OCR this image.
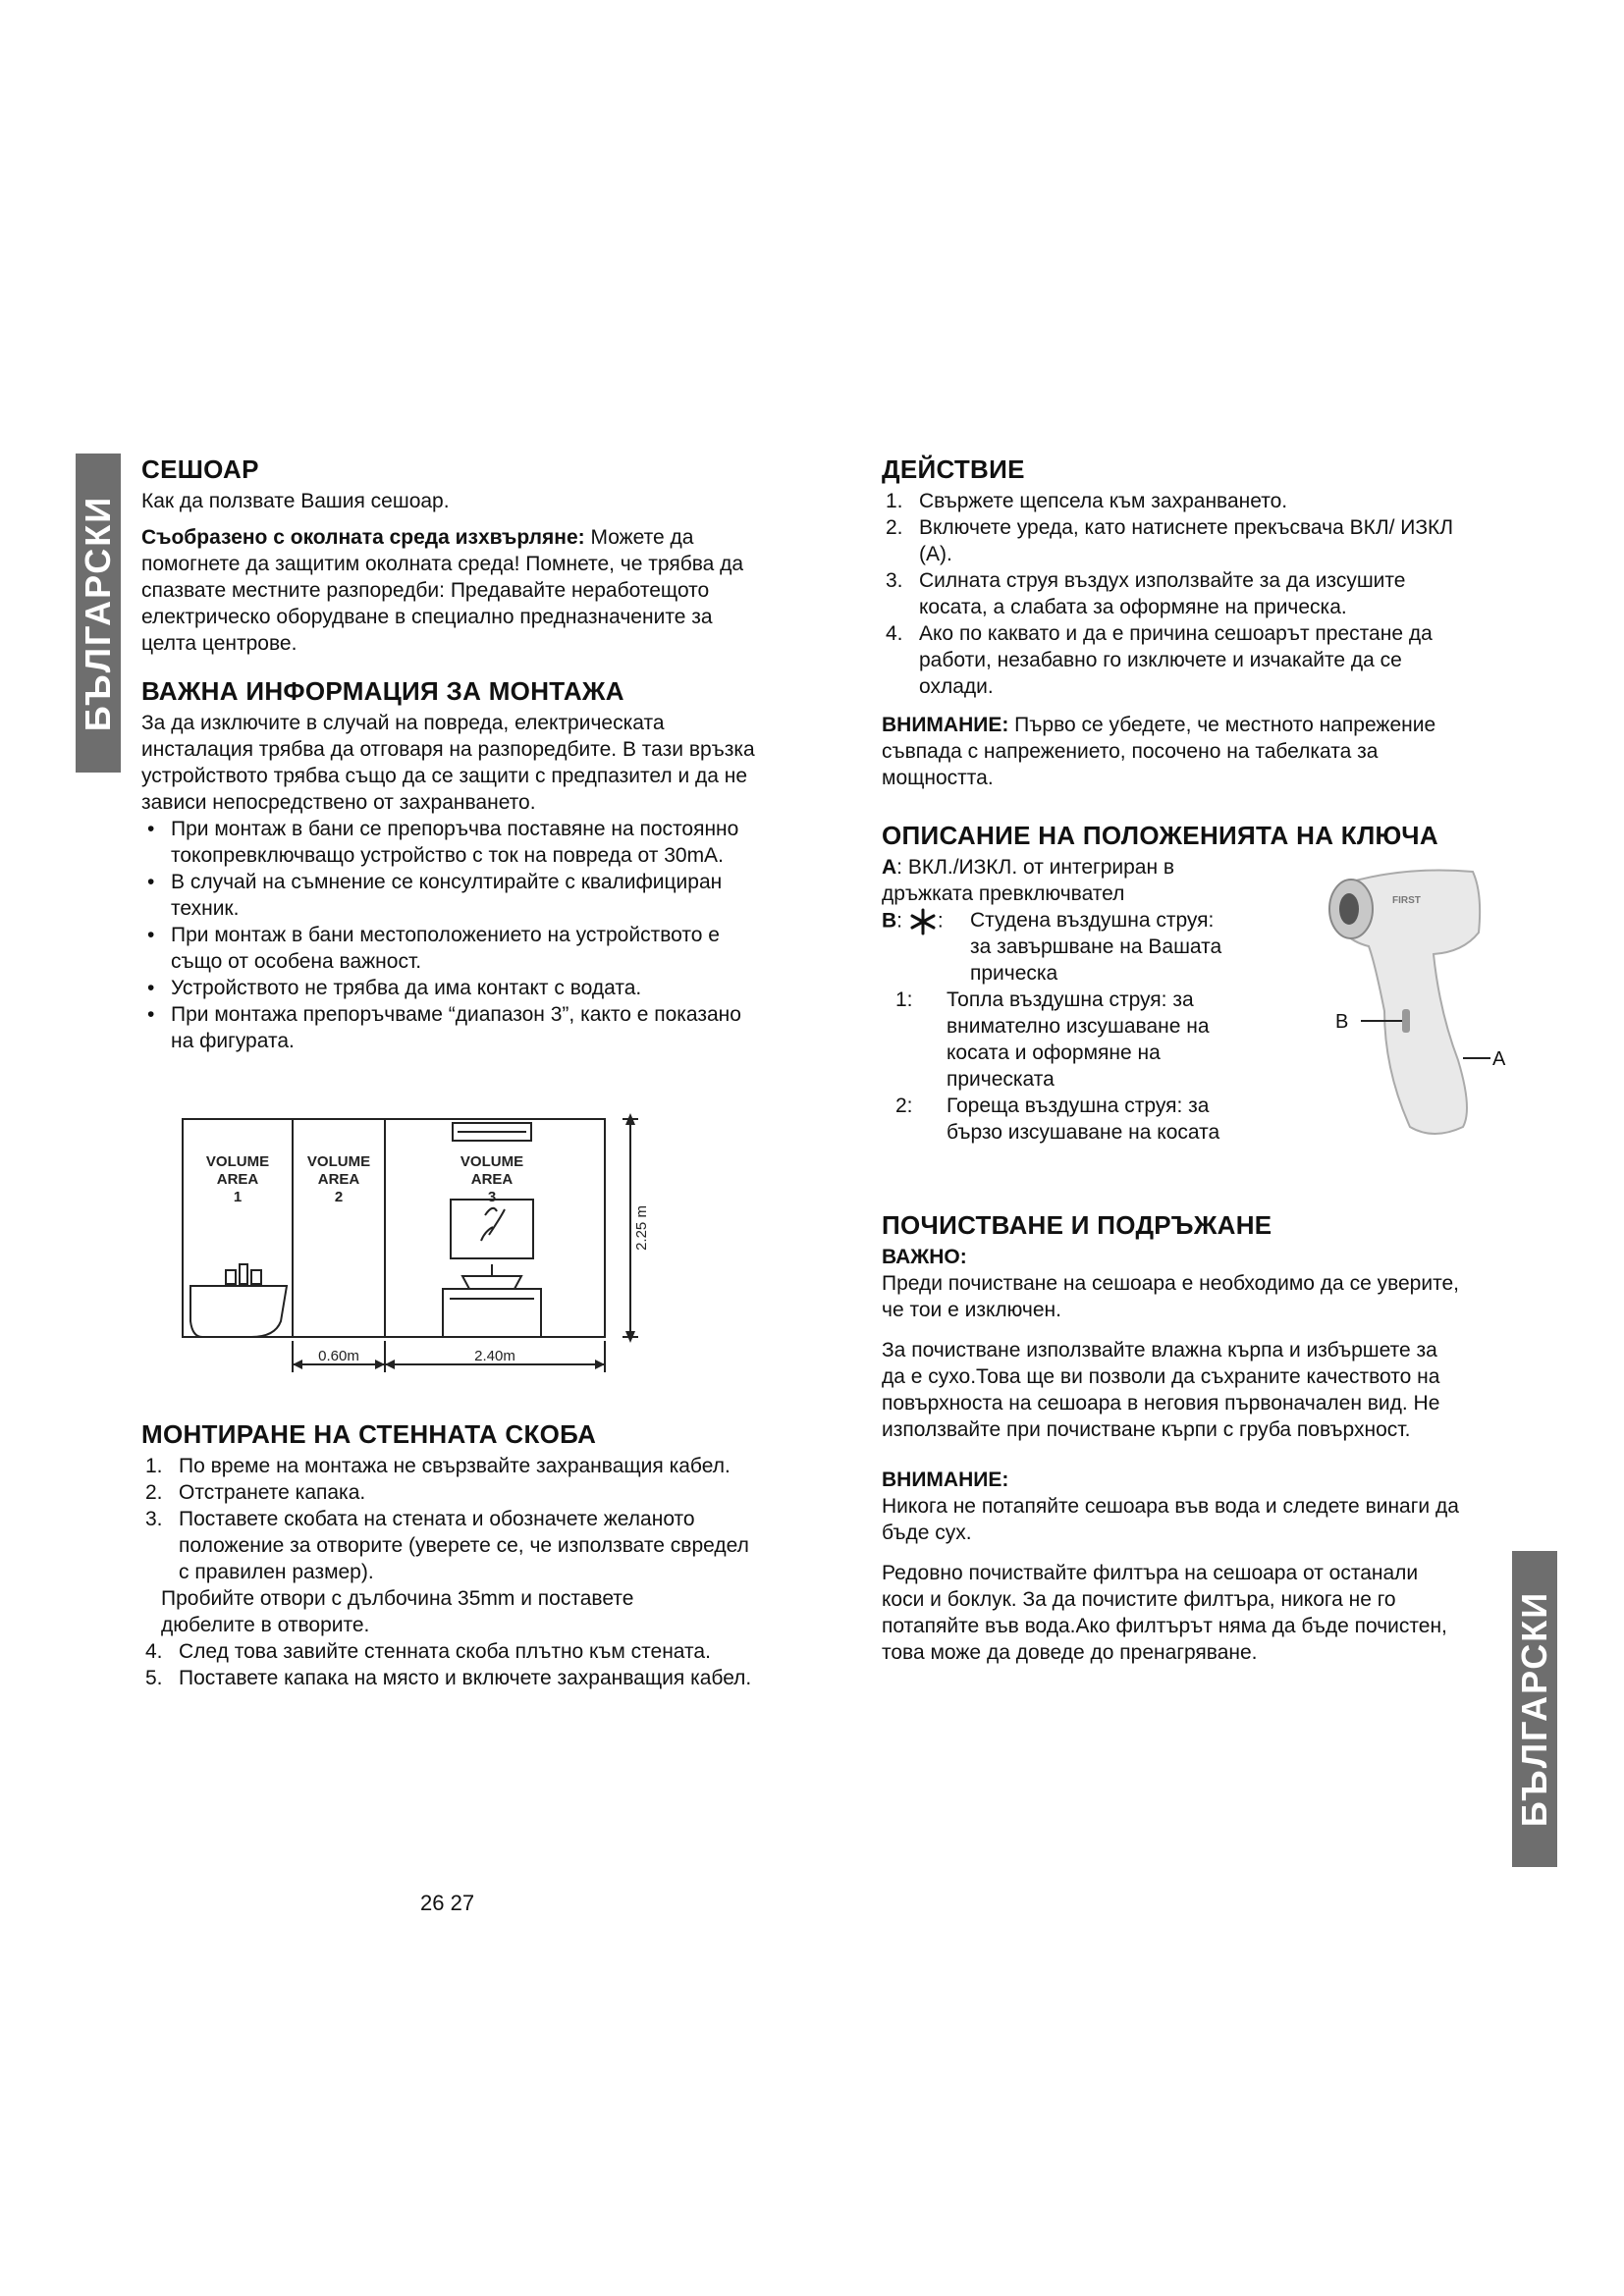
БЪЛГАРСКИ
БЪЛГАРСКИ
СЕШОАР

Как да ползвате Вашия сешоар.

Съобразено с околната среда изхвърляне: Можете да помогнете да защитим околната среда! Помнете, че трябва да спазвате местните разпоредби: Предавайте неработещото електрическо оборудване в специално предназначените за целта центрове.

ВАЖНА ИНФОРМАЦИЯ ЗА МОНТАЖА

За да изключите в случай на повреда, електрическата инсталация трябва да отговаря на разпоредбите. В тази връзка устройството трябва също да се защити с предпазител и да не зависи непосредствено от захранването.

• При монтаж в бани се препоръчва поставяне на постоянно токопревключващо устройство с ток на повреда от 30mA.
• В случай на съмнение се консултирайте с квалифициран техник.
• При монтаж в бани местоположението на устройството е също от особена важност.
• Устройството не трябва да има контакт с водата.
• При монтажа препоръчваме “диапазон 3”, както е показано на фигурата.
VOLUME
AREA
1
VOLUME
AREA
2
VOLUME
AREA
3
0.60m	2.40m
2.25 m
МОНТИРАНЕ НА СТЕННАТА СКОБА
1. По време на монтажа не свързвайте захранващия кабел.
2. Отстранете капака.
3. Поставете скобата на стената и обозначете желаното положение за отворите (уверете се, че използвате свредел с правилен размер).
Пробийте отвори с дълбочина 35mm и поставете дюбелите в отворите.
4. След това завийте стенната скоба плътно към стената.
5. Поставете капака на място и включете захранващия кабел.
ДЕЙСТВИЕ
1. Свържете щепсела към захранването.
2. Включете уреда, като натиснете прекъсвача ВКЛ/ ИЗКЛ (A).
3. Силната струя въздух използвайте за да изсушите косата, а слабата за оформяне на прическа.
4. Ако по каквато и да е причина сешоарът престане да работи, незабавно го изключете и изчакайте да се охлади.

ВНИМАНИЕ: Първо се убедете, че местното напрежение съвпада с напрежението, посочено на табелката за мощността.

ОПИСАНИЕ НА ПОЛОЖЕНИЯТА НА КЛЮЧА
A: ВКЛ./ИЗКЛ. от интегриран в дръжката превключвател
B: :	Студена въздушна струя: за завършване на Вашата прическа
1:	Топла въздушна струя: за внимателно изсушаване на косата и оформяне на прическата
2:	Гореща въздушна струя: за бързо изсушаване на косата
FIRST
B
A
ПОЧИСТВАНЕ И ПОДРЪЖАНЕ
ВАЖНО:

Преди почистване на сешоара е необходимо да се уверите, че тои е изключен.

За почистване използвайте влажна кърпа и избършете за да е сухо.Това ще ви позволи да съхраните качеството на повърхноста на сешоара в неговия първоначален вид. Не използвайте при почистване кърпи с груба повърхност.

ВНИМАНИЕ:

Никога не потапяйте сешоара във вода и следете винаги да бъде сух.

Редовно почиствайте филтъра на сешоара от останали коси и боклук. За да почистите филтъра, никога не го потапяйте във вода.Ако филтърът няма да бъде почистен, това може да доведе до пренагряване.

26 27
